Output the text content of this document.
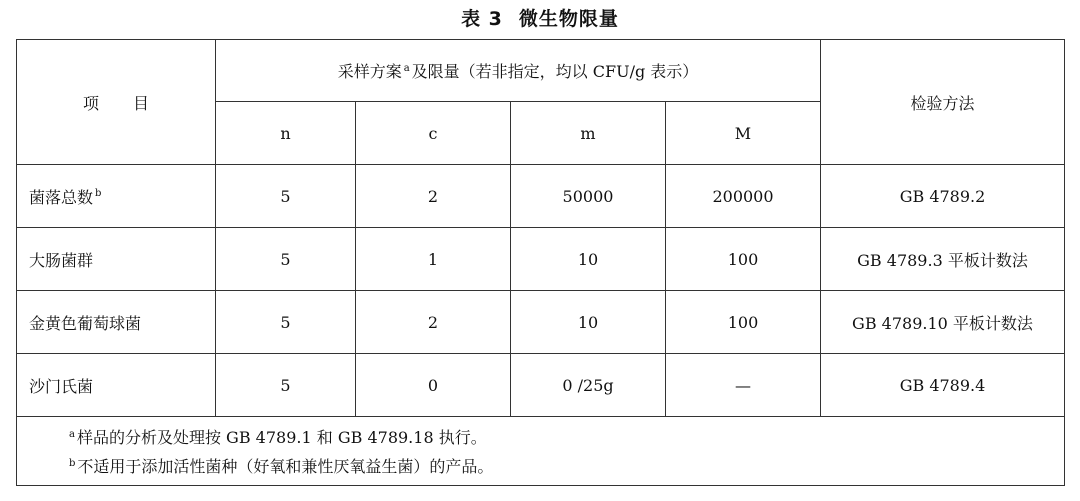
表 3 微生物限量
项 目	采样方案 $^a$ 及限量（若非指定，均以 CFU/g 表示）				检验方法
	n	c	m	M	
菌落总数 $^b$	5	2	50000	200000	GB 4789.2
大肠菌群	5	1	10	100	GB 4789.3 平板计数法
金黄色葡萄球菌	5	2	10	100	GB 4789.10 平板计数法
沙门氏菌	5	0	0 /25g	—	GB 4789.4

$^a$ 样品的分析及处理按 GB 4789.1 和 GB 4789.18 执行。
$^b$ 不适用于添加活性菌种（好氧和兼性厌氧益生菌）的产品。					
